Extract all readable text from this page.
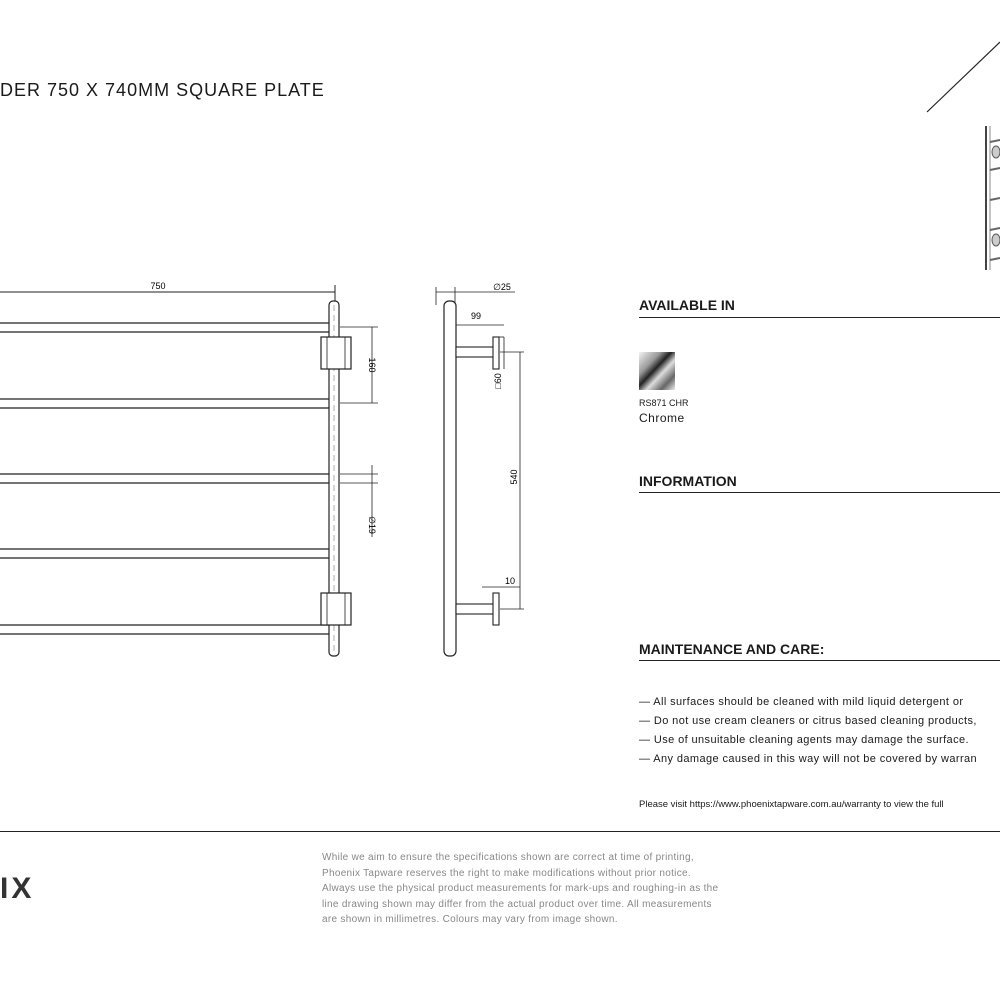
DER 750 X 740MM SQUARE PLATE
750
160
∅19
∅25
99
□60
540
10
AVAILABLE IN
RS871 CHR
Chrome
INFORMATION
MAINTENANCE AND CARE:
— All surfaces should be cleaned with mild liquid detergent or
— Do not use cream cleaners or citrus based cleaning products,
— Use of unsuitable cleaning agents may damage the surface.
— Any damage caused in this way will not be covered by warran
Please visit https://www.phoenixtapware.com.au/warranty to view the full
IX
While we aim to ensure the specifications shown are correct at time of printing,
Phoenix Tapware reserves the right to make modifications without prior notice.
Always use the physical product measurements for mark-ups and roughing-in as the
line drawing shown may differ from the actual product over time. All measurements
are shown in millimetres. Colours may vary from image shown.
